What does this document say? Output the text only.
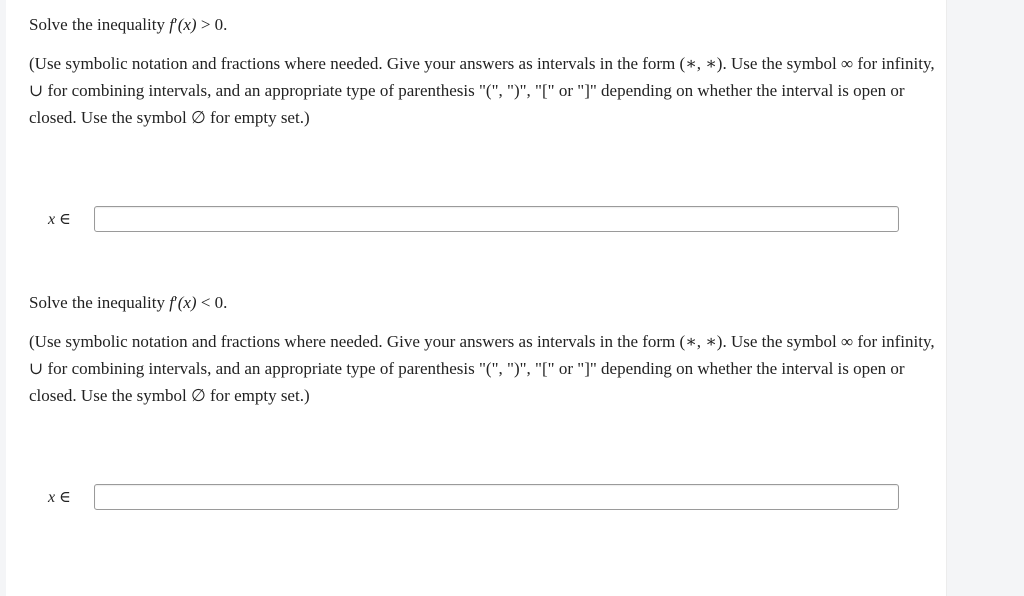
Solve the inequality f′(x) > 0.
(Use symbolic notation and fractions where needed. Give your answers as intervals in the form (∗, ∗). Use the symbol ∞ for infinity, ∪ for combining intervals, and an appropriate type of parenthesis "(", ")", "[" or "]" depending on whether the interval is open or closed. Use the symbol ∅ for empty set.)
x ∈
Solve the inequality f′(x) < 0.
(Use symbolic notation and fractions where needed. Give your answers as intervals in the form (∗, ∗). Use the symbol ∞ for infinity, ∪ for combining intervals, and an appropriate type of parenthesis "(", ")", "[" or "]" depending on whether the interval is open or closed. Use the symbol ∅ for empty set.)
x ∈
